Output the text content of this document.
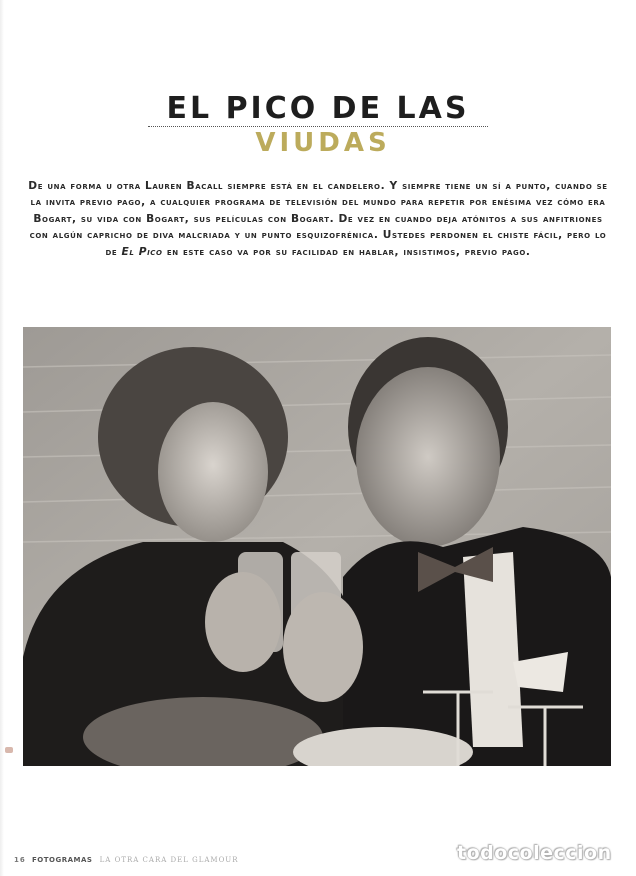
EL PICO DE LAS
VIUDAS

De una forma u otra Lauren Bacall siempre está en el candelero. Y siempre tiene un sí a punto, cuando se la invita previo pago, a cualquier programa de televisión del mundo para repetir por enésima vez cómo era Bogart, su vida con Bogart, sus películas con Bogart. De vez en cuando deja atónitos a sus anfitriones con algún capricho de diva malcriada y un punto esquizofrénica. Ustedes perdonen el chiste fácil, pero lo de El Pico en este caso va por su facilidad en hablar, insistimos, previo pago.

16 FOTOGRAMAS LA OTRA CARA DEL GLAMOUR	todocoleccion
